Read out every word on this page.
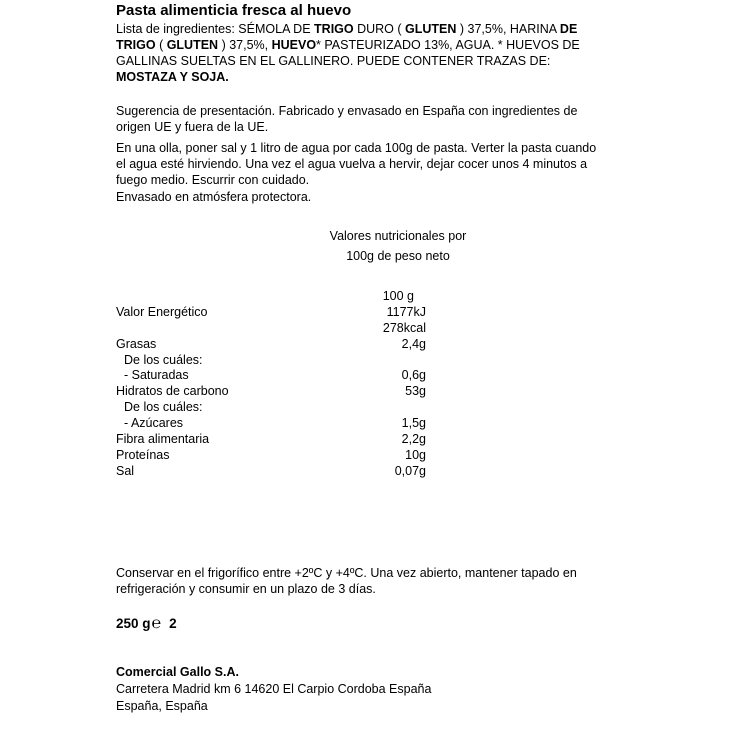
Pasta alimenticia fresca al huevo
Lista de ingredientes: SÉMOLA DE TRIGO DURO ( GLUTEN ) 37,5%, HARINA DE TRIGO ( GLUTEN ) 37,5%, HUEVO* PASTEURIZADO 13%, AGUA. * HUEVOS DE GALLINAS SUELTAS EN EL GALLINERO. PUEDE CONTENER TRAZAS DE: MOSTAZA Y SOJA.
Sugerencia de presentación. Fabricado y envasado en España con ingredientes de origen UE y fuera de la UE.
En una olla, poner sal y 1 litro de agua por cada 100g de pasta. Verter la pasta cuando el agua esté hirviendo. Una vez el agua vuelva a hervir, dejar cocer unos 4 minutos a fuego medio. Escurrir con cuidado.
Envasado en atmósfera protectora.
Valores nutricionales por
100g de peso neto
100 g
Valor Energético	1177kJ
278kcal
Grasas	2,4g
De los cuáles:
- Saturadas	0,6g
Hidratos de carbono	53g
De los cuáles:
- Azúcares	1,5g
Fibra alimentaria	2,2g
Proteínas	10g
Sal	0,07g
Conservar en el frigorífico entre +2ºC y +4ºC. Una vez abierto, mantener tapado en refrigeración y consumir en un plazo de 3 días.
250 g℮ 2
Comercial Gallo S.A.
Carretera Madrid km 6 14620 El Carpio Cordoba España
España, España
